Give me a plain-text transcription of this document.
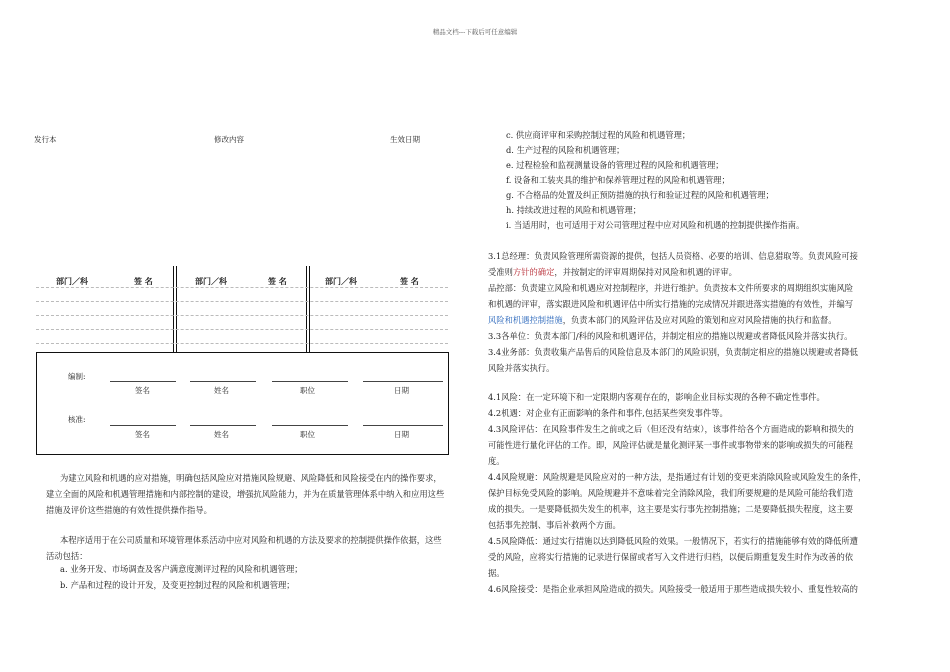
精品文档---下载后可任意编辑
发行本	修改内容	生效日期
部门／科	签 名	部门／科	签 名	部门／科	签 名
编制:
签名	姓名	职位	日期
核准:
签名	姓名	职位	日期
为建立风险和机遇的应对措施，明确包括风险应对措施风险规避、风险降低和风险接受在内的操作要求，建立全面的风险和机遇管理措施和内部控制的建设，增强抗风险能力，并为在质量管理体系中纳入和应用这些措施及评价这些措施的有效性提供操作指导。
本程序适用于在公司质量和环境管理体系活动中应对风险和机遇的方法及要求的控制提供操作依据，这些活动包括：
a. 业务开发、市场调查及客户满意度测评过程的风险和机遇管理；
b. 产品和过程的设计开发，及变更控制过程的风险和机遇管理；
c. 供应商评审和采购控制过程的风险和机遇管理；
d. 生产过程的风险和机遇管理；
e. 过程检验和监视测量设备的管理过程的风险和机遇管理；
f. 设备和工装夹具的维护和保养管理过程的风险和机遇管理；
g. 不合格品的处置及纠正预防措施的执行和验证过程的风险和机遇管理；
h. 持续改进过程的风险和机遇管理；
i. 当适用时，也可适用于对公司管理过程中应对风险和机遇的控制提供操作指南。
3.1总经理：负责风险管理所需资源的提供，包括人员资格、必要的培训、信息猎取等。负责风险可接
受准则方针的确定，并按制定的评审周期保持对风险和机遇的评审。
品控部：负责建立风险和机遇应对控制程序，并进行维护。负责按本文件所要求的周期组织实施风险
和机遇的评审，落实跟进风险和机遇评估中所实行措施的完成情况并跟进落实措施的有效性，并编写
风险和机遇控制措施，负责本部门的风险评估及应对风险的策划和应对风险措施的执行和监督。
3.3各单位：负责本部门/科的风险和机遇评估，并制定相应的措施以规避或者降低风险并落实执行。
3.4业务部：负责收集产品售后的风险信息及本部门的风险识别，负责制定相应的措施以规避或者降低
风险并落实执行。
4.1风险：在一定环境下和一定限期内客观存在的，影响企业目标实现的各种不确定性事件。
4.2机遇：对企业有正面影响的条件和事件,包括某些突发事件等。
4.3风险评估：在风险事件发生之前或之后（但还没有结束），该事件给各个方面造成的影响和损失的
可能性进行量化评估的工作。即，风险评估就是量化测评某一事件或事物带来的影响或损失的可能程
度。
4.4风险规避：风险规避是风险应对的一种方法，是指通过有计划的变更来消除风险或风险发生的条件，
保护目标免受风险的影响。风险规避并不意味着完全消除风险，我们所要规避的是风险可能给我们造
成的损失。一是要降低损失发生的机率，这主要是实行事先控制措施；二是要降低损失程度，这主要
包括事先控制、事后补救两个方面。
4.5风险降低：通过实行措施以达到降低风险的效果。一般情况下，若实行的措施能够有效的降低所遭
受的风险，应将实行措施的记录进行保留或者写入文件进行归档，以便后期重复发生时作为改善的依
据。
4.6风险接受：是指企业承担风险造成的损失。风险接受一般适用于那些造成损失较小、重复性较高的
